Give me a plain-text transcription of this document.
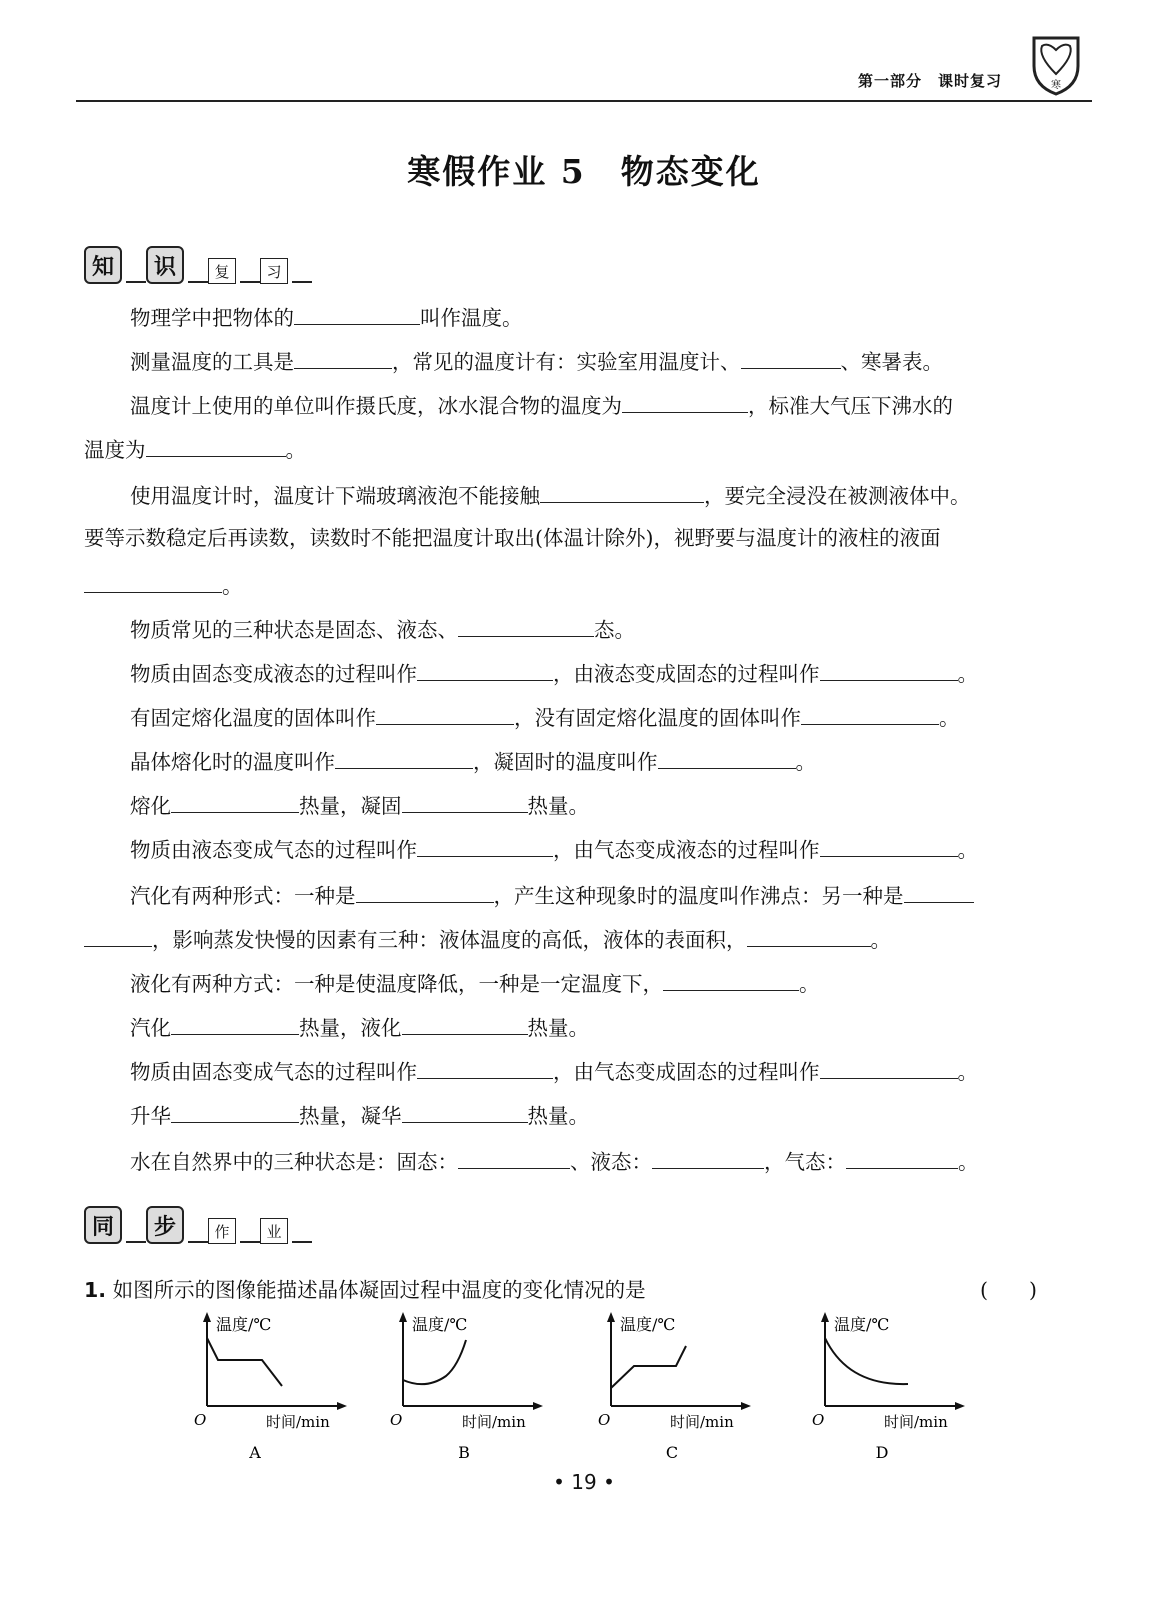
第一部分　课时复习	寒
寒假作业 5　物态变化
知	识	复	习
物理学中把物体的	叫作温度。
测量温度的工具是	，常见的温度计有：实验室用温度计、	、寒暑表。
温度计上使用的单位叫作摄氏度，冰水混合物的温度为	，标准大气压下沸水的
温度为	。
使用温度计时，温度计下端玻璃液泡不能接触	，要完全浸没在被测液体中。
要等示数稳定后再读数，读数时不能把温度计取出(体温计除外)，视野要与温度计的液柱的液面
。
物质常见的三种状态是固态、液态、	态。
物质由固态变成液态的过程叫作	，由液态变成固态的过程叫作	。
有固定熔化温度的固体叫作	，没有固定熔化温度的固体叫作	。
晶体熔化时的温度叫作	，凝固时的温度叫作	。
熔化	热量，凝固	热量。
物质由液态变成气态的过程叫作	，由气态变成液态的过程叫作	。
汽化有两种形式：一种是	，产生这种现象时的温度叫作沸点：另一种是
，影响蒸发快慢的因素有三种：液体温度的高低，液体的表面积，	。
液化有两种方式：一种是使温度降低，一种是一定温度下，	。
汽化	热量，液化	热量。
物质由固态变成气态的过程叫作	，由气态变成固态的过程叫作	。
升华	热量，凝华	热量。
水在自然界中的三种状态是：固态：	、液态：	，气态：	。
同	步	作	业
1. 如图所示的图像能描述晶体凝固过程中温度的变化情况的是	(　　)
温度/℃
O	时间/min
A
温度/℃
O	时间/min
B
温度/℃
O	时间/min
C
温度/℃
O	时间/min
D
• 19 •
